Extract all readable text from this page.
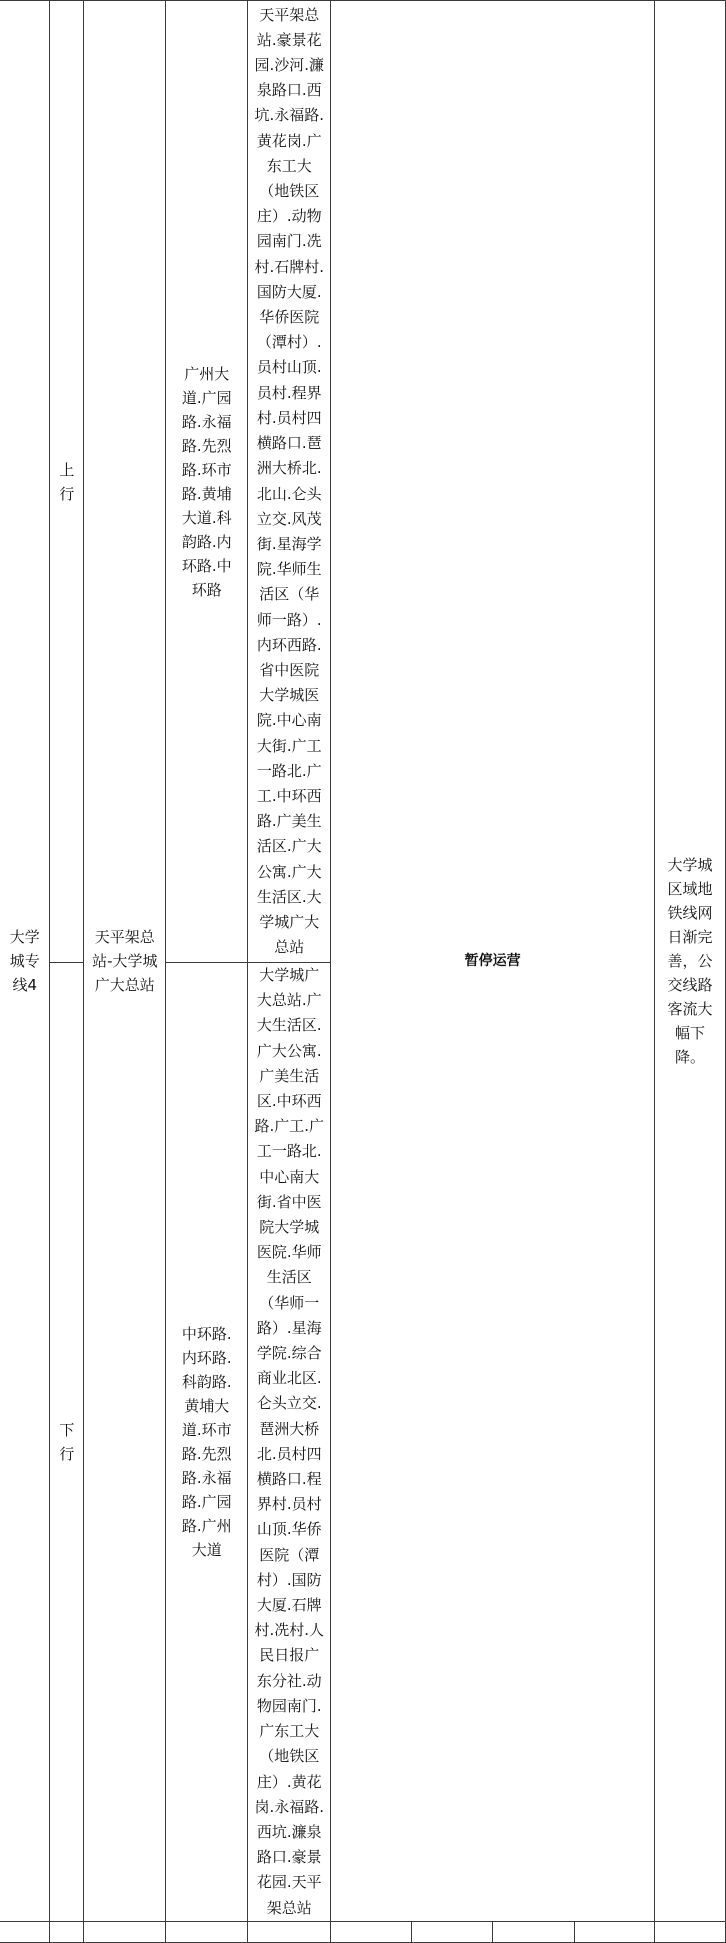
大学城专线4	上行	天平架总站-大学城广大总站	广州大道.广园路.永福路.先烈路.环市路.黄埔大道.科韵路.内环路.中环路	天平架总站.豪景花园.沙河.濂泉路口.西坑.永福路.黄花岗.广东工大（地铁区庄）.动物园南门.冼村.石牌村.国防大厦.华侨医院（潭村）.员村山顶.员村.程界村.员村四横路口.琶洲大桥北.北山.仑头立交.风茂街.星海学院.华师生活区（华师一路）.内环西路.省中医院大学城医院.中心南大街.广工一路北.广工.中环西路.广美生活区.广大公寓.广大生活区.大学城广大总站	暂停运营				大学城区域地铁线网日渐完善，公交线路客流大幅下降。

	下行		中环路.内环路.科韵路.黄埔大道.环市路.先烈路.永福路.广园路.广州大道	大学城广大总站.广大生活区.广大公寓.广美生活区.中环西路.广工.广工一路北.中心南大街.省中医院大学城医院.华师生活区（华师一路）.星海学院.综合商业北区.仑头立交.琶洲大桥北.员村四横路口.程界村.员村山顶.华侨医院（潭村）.国防大厦.石牌村.冼村.人民日报广东分社.动物园南门.广东工大（地铁区庄）.黄花岗.永福路.西坑.濂泉路口.豪景花园.天平架总站					
